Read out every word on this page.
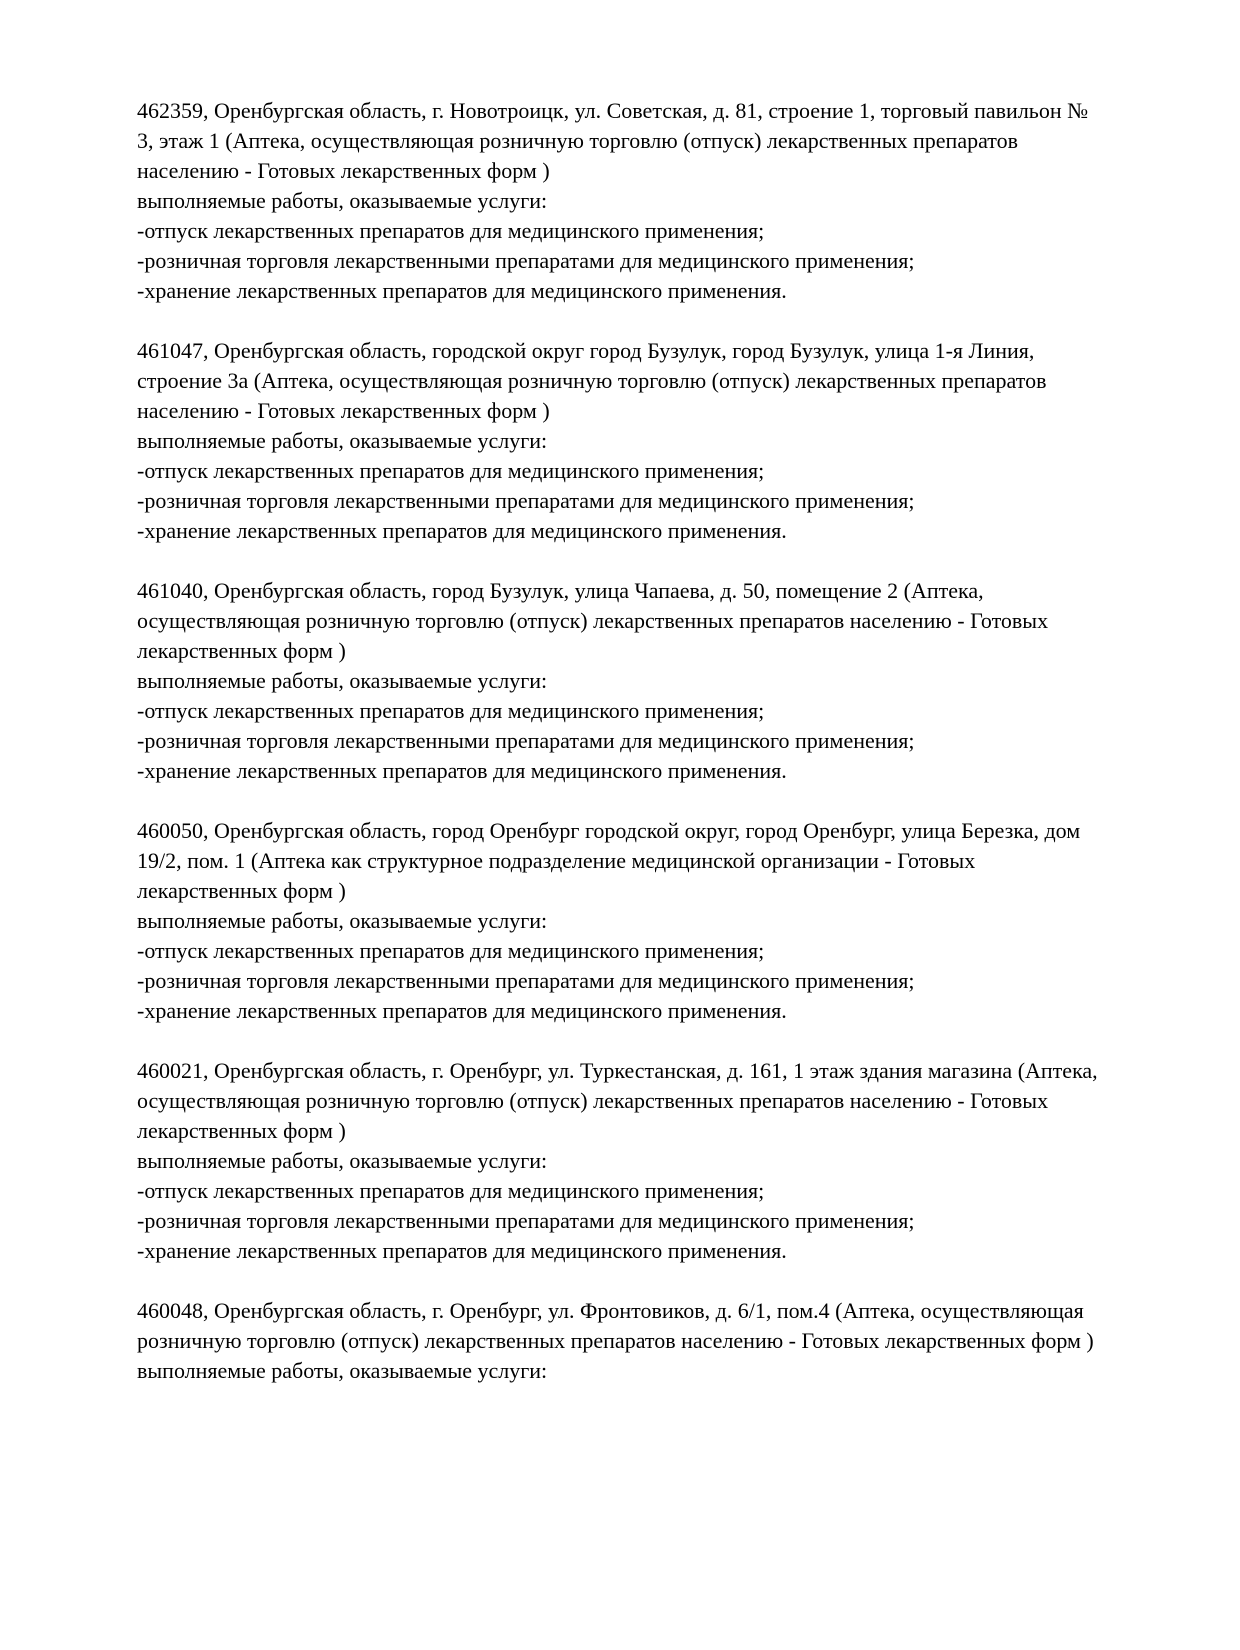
462359, Оренбургская область, г. Новотроицк, ул. Советская, д. 81, строение 1, торговый павильон № 3, этаж 1 (Аптека, осуществляющая розничную торговлю (отпуск) лекарственных препаратов населению - Готовых лекарственных форм )

выполняемые работы, оказываемые услуги:

-отпуск лекарственных препаратов для медицинского применения;

-розничная торговля лекарственными препаратами для медицинского применения;

-хранение лекарственных препаратов для медицинского применения.

461047, Оренбургская область, городской округ город Бузулук, город Бузулук, улица 1-я Линия, строение 3а (Аптека, осуществляющая розничную торговлю (отпуск) лекарственных препаратов населению - Готовых лекарственных форм )

выполняемые работы, оказываемые услуги:

-отпуск лекарственных препаратов для медицинского применения;

-розничная торговля лекарственными препаратами для медицинского применения;

-хранение лекарственных препаратов для медицинского применения.

461040, Оренбургская область, город Бузулук, улица Чапаева, д. 50, помещение 2 (Аптека, осуществляющая розничную торговлю (отпуск) лекарственных препаратов населению - Готовых лекарственных форм )

выполняемые работы, оказываемые услуги:

-отпуск лекарственных препаратов для медицинского применения;

-розничная торговля лекарственными препаратами для медицинского применения;

-хранение лекарственных препаратов для медицинского применения.

460050, Оренбургская область, город Оренбург городской округ, город Оренбург, улица Березка, дом 19/2, пом. 1 (Аптека как структурное подразделение медицинской организации - Готовых лекарственных форм )

выполняемые работы, оказываемые услуги:

-отпуск лекарственных препаратов для медицинского применения;

-розничная торговля лекарственными препаратами для медицинского применения;

-хранение лекарственных препаратов для медицинского применения.

460021, Оренбургская область, г. Оренбург, ул. Туркестанская, д. 161, 1 этаж здания магазина (Аптека, осуществляющая розничную торговлю (отпуск) лекарственных препаратов населению - Готовых лекарственных форм )

выполняемые работы, оказываемые услуги:

-отпуск лекарственных препаратов для медицинского применения;

-розничная торговля лекарственными препаратами для медицинского применения;

-хранение лекарственных препаратов для медицинского применения.

460048, Оренбургская область, г. Оренбург, ул. Фронтовиков, д. 6/1, пом.4 (Аптека, осуществляющая розничную торговлю (отпуск) лекарственных препаратов населению - Готовых лекарственных форм )

выполняемые работы, оказываемые услуги:
